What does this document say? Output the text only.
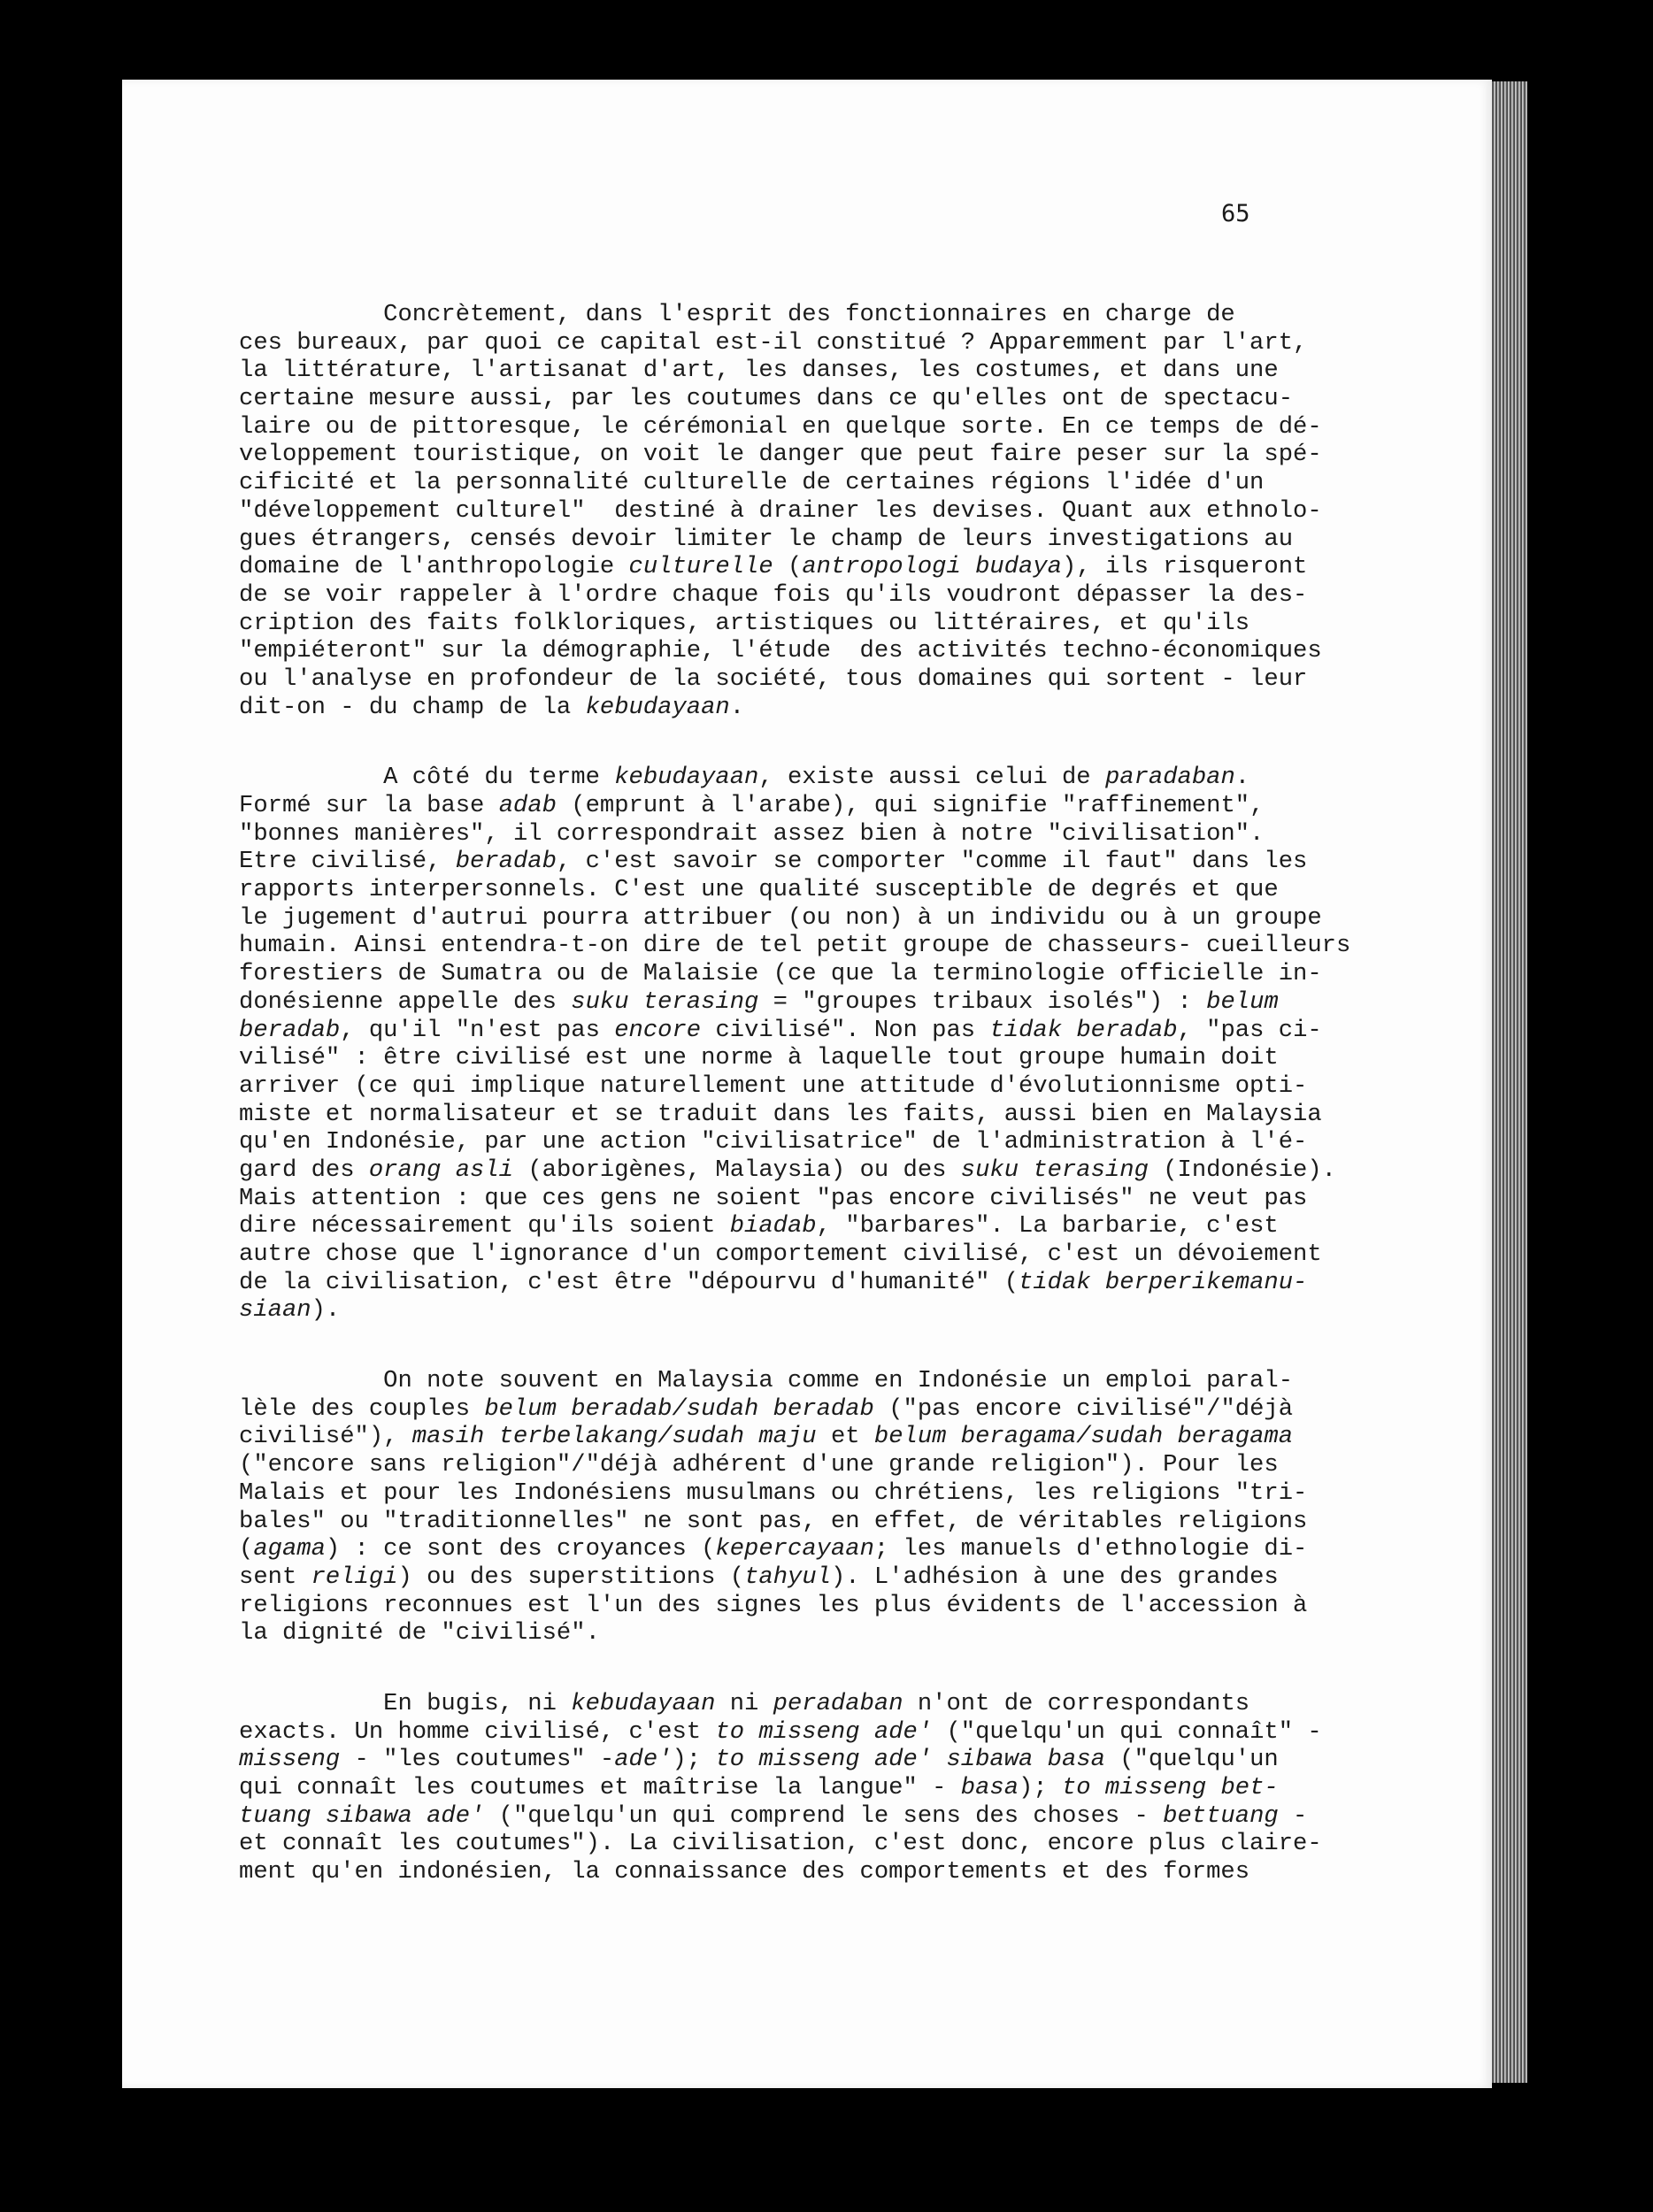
65
Concrètement, dans l'esprit des fonctionnaires en charge de
ces bureaux, par quoi ce capital est-il constitué ? Apparemment par l'art,
la littérature, l'artisanat d'art, les danses, les costumes, et dans une
certaine mesure aussi, par les coutumes dans ce qu'elles ont de spectacu-
laire ou de pittoresque, le cérémonial en quelque sorte. En ce temps de dé-
veloppement touristique, on voit le danger que peut faire peser sur la spé-
cificité et la personnalité culturelle de certaines régions l'idée d'un
"développement culturel"  destiné à drainer les devises. Quant aux ethnolo-
gues étrangers, censés devoir limiter le champ de leurs investigations au
domaine de l'anthropologie culturelle (antropologi budaya), ils risqueront
de se voir rappeler à l'ordre chaque fois qu'ils voudront dépasser la des-
cription des faits folkloriques, artistiques ou littéraires, et qu'ils
"empiéteront" sur la démographie, l'étude  des activités techno-économiques
ou l'analyse en profondeur de la société, tous domaines qui sortent - leur
dit-on - du champ de la kebudayaan.
A côté du terme kebudayaan, existe aussi celui de paradaban.
Formé sur la base adab (emprunt à l'arabe), qui signifie "raffinement",
"bonnes manières", il correspondrait assez bien à notre "civilisation".
Etre civilisé, beradab, c'est savoir se comporter "comme il faut" dans les
rapports interpersonnels. C'est une qualité susceptible de degrés et que
le jugement d'autrui pourra attribuer (ou non) à un individu ou à un groupe
humain. Ainsi entendra-t-on dire de tel petit groupe de chasseurs- cueilleurs
forestiers de Sumatra ou de Malaisie (ce que la terminologie officielle in-
donésienne appelle des suku terasing = "groupes tribaux isolés") : belum
beradab, qu'il "n'est pas encore civilisé". Non pas tidak beradab, "pas ci-
vilisé" : être civilisé est une norme à laquelle tout groupe humain doit
arriver (ce qui implique naturellement une attitude d'évolutionnisme opti-
miste et normalisateur et se traduit dans les faits, aussi bien en Malaysia
qu'en Indonésie, par une action "civilisatrice" de l'administration à l'é-
gard des orang asli (aborigènes, Malaysia) ou des suku terasing (Indonésie).
Mais attention : que ces gens ne soient "pas encore civilisés" ne veut pas
dire nécessairement qu'ils soient biadab, "barbares". La barbarie, c'est
autre chose que l'ignorance d'un comportement civilisé, c'est un dévoiement
de la civilisation, c'est être "dépourvu d'humanité" (tidak berperikemanu-
siaan).
On note souvent en Malaysia comme en Indonésie un emploi paral-
lèle des couples belum beradab/sudah beradab ("pas encore civilisé"/"déjà
civilisé"), masih terbelakang/sudah maju et belum beragama/sudah beragama
("encore sans religion"/"déjà adhérent d'une grande religion"). Pour les
Malais et pour les Indonésiens musulmans ou chrétiens, les religions "tri-
bales" ou "traditionnelles" ne sont pas, en effet, de véritables religions
(agama) : ce sont des croyances (kepercayaan; les manuels d'ethnologie di-
sent religi) ou des superstitions (tahyul). L'adhésion à une des grandes
religions reconnues est l'un des signes les plus évidents de l'accession à
la dignité de "civilisé".
En bugis, ni kebudayaan ni peradaban n'ont de correspondants
exacts. Un homme civilisé, c'est to misseng ade' ("quelqu'un qui connaît" -
misseng - "les coutumes" -ade'); to misseng ade' sibawa basa ("quelqu'un
qui connaît les coutumes et maîtrise la langue" - basa); to misseng bet-
tuang sibawa ade' ("quelqu'un qui comprend le sens des choses - bettuang -
et connaît les coutumes"). La civilisation, c'est donc, encore plus claire-
ment qu'en indonésien, la connaissance des comportements et des formes
